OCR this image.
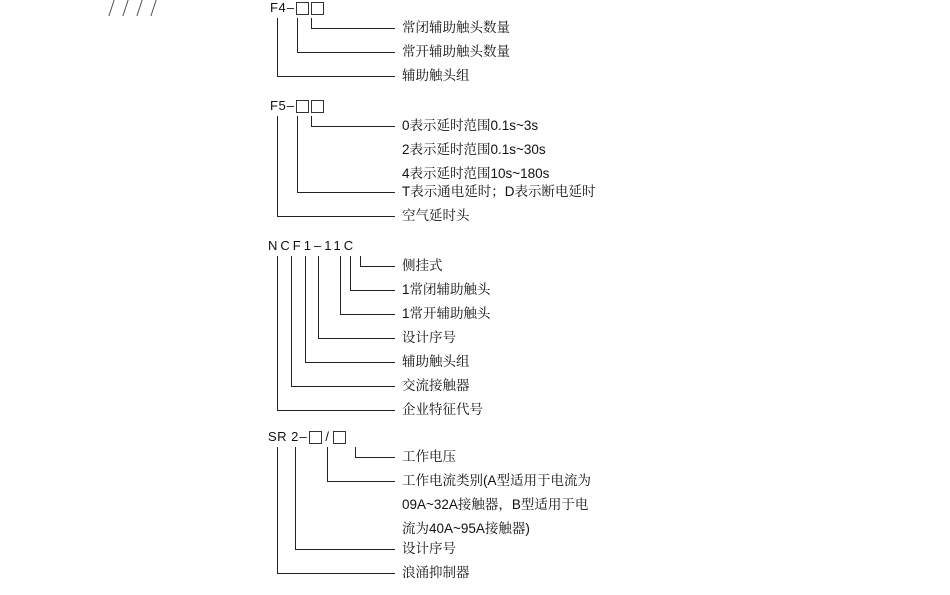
F4–
常闭辅助触头数量
常开辅助触头数量
辅助触头组
F5–
0表示延时范围0.1s~3s
2表示延时范围0.1s~30s
4表示延时范围10s~180s
T表示通电延时；D表示断电延时
空气延时头
NCF1–11C
侧挂式
1常闭辅助触头
1常开辅助触头
设计序号
辅助触头组
交流接触器
企业特征代号
SR 2– /
工作电压
工作电流类别(A型适用于电流为
09A~32A接触器，B型适用于电
流为40A~95A接触器)
设计序号
浪涌抑制器
